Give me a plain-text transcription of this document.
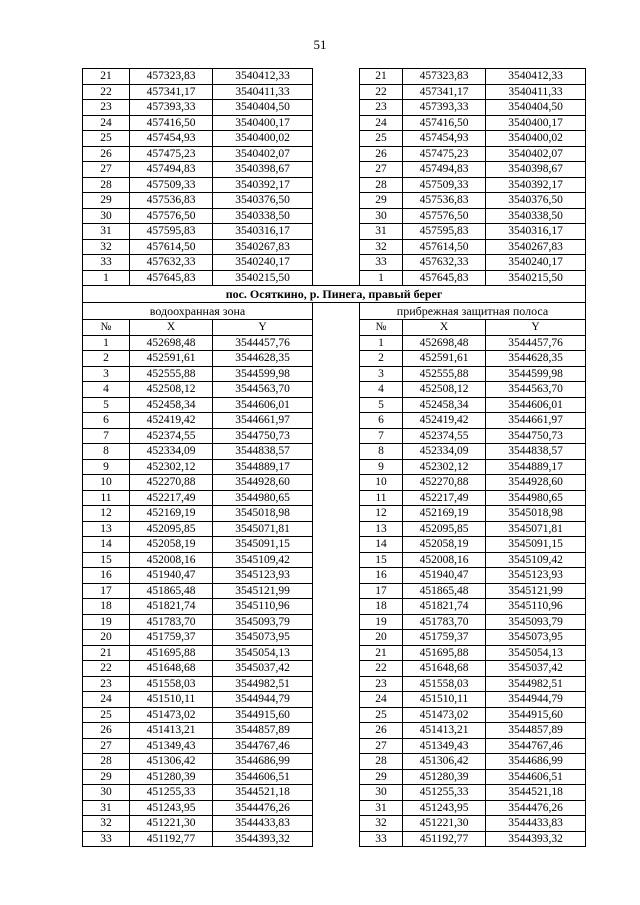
51
21	457323,83	3540412,33		21	457323,83	3540412,33
22	457341,17	3540411,33		22	457341,17	3540411,33
23	457393,33	3540404,50		23	457393,33	3540404,50
24	457416,50	3540400,17		24	457416,50	3540400,17
25	457454,93	3540400,02		25	457454,93	3540400,02
26	457475,23	3540402,07		26	457475,23	3540402,07
27	457494,83	3540398,67		27	457494,83	3540398,67
28	457509,33	3540392,17		28	457509,33	3540392,17
29	457536,83	3540376,50		29	457536,83	3540376,50
30	457576,50	3540338,50		30	457576,50	3540338,50
31	457595,83	3540316,17		31	457595,83	3540316,17
32	457614,50	3540267,83		32	457614,50	3540267,83
33	457632,33	3540240,17		33	457632,33	3540240,17
1	457645,83	3540215,50		1	457645,83	3540215,50
пос. Осяткино, р. Пинега, правый берег						
водоохранная зона				прибрежная защитная полоса		
№	X	Y		№	X	Y
1	452698,48	3544457,76		1	452698,48	3544457,76
2	452591,61	3544628,35		2	452591,61	3544628,35
3	452555,88	3544599,98		3	452555,88	3544599,98
4	452508,12	3544563,70		4	452508,12	3544563,70
5	452458,34	3544606,01		5	452458,34	3544606,01
6	452419,42	3544661,97		6	452419,42	3544661,97
7	452374,55	3544750,73		7	452374,55	3544750,73
8	452334,09	3544838,57		8	452334,09	3544838,57
9	452302,12	3544889,17		9	452302,12	3544889,17
10	452270,88	3544928,60		10	452270,88	3544928,60
11	452217,49	3544980,65		11	452217,49	3544980,65
12	452169,19	3545018,98		12	452169,19	3545018,98
13	452095,85	3545071,81		13	452095,85	3545071,81
14	452058,19	3545091,15		14	452058,19	3545091,15
15	452008,16	3545109,42		15	452008,16	3545109,42
16	451940,47	3545123,93		16	451940,47	3545123,93
17	451865,48	3545121,99		17	451865,48	3545121,99
18	451821,74	3545110,96		18	451821,74	3545110,96
19	451783,70	3545093,79		19	451783,70	3545093,79
20	451759,37	3545073,95		20	451759,37	3545073,95
21	451695,88	3545054,13		21	451695,88	3545054,13
22	451648,68	3545037,42		22	451648,68	3545037,42
23	451558,03	3544982,51		23	451558,03	3544982,51
24	451510,11	3544944,79		24	451510,11	3544944,79
25	451473,02	3544915,60		25	451473,02	3544915,60
26	451413,21	3544857,89		26	451413,21	3544857,89
27	451349,43	3544767,46		27	451349,43	3544767,46
28	451306,42	3544686,99		28	451306,42	3544686,99
29	451280,39	3544606,51		29	451280,39	3544606,51
30	451255,33	3544521,18		30	451255,33	3544521,18
31	451243,95	3544476,26		31	451243,95	3544476,26
32	451221,30	3544433,83		32	451221,30	3544433,83
33	451192,77	3544393,32		33	451192,77	3544393,32
